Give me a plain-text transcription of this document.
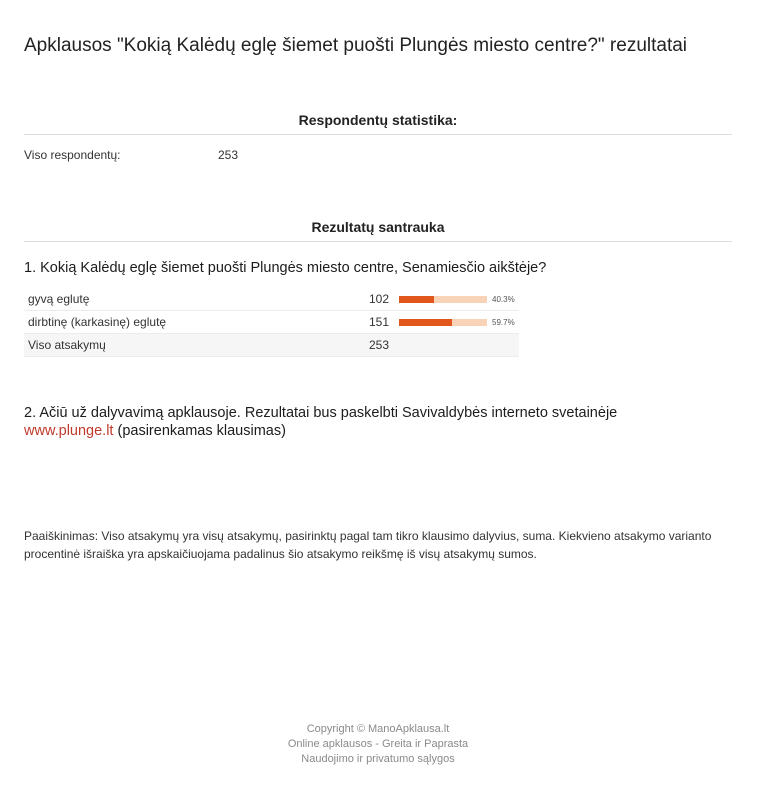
Apklausos "Kokią Kalėdų eglę šiemet puošti Plungės miesto centre?" rezultatai
Respondentų statistika:
Viso respondentų:	253
Rezultatų santrauka
1. Kokią Kalėdų eglę šiemet puošti Plungės miesto centre, Senamiesčio aikštėje?
gyvą eglutę	102	40.3%
dirbtinę (karkasinę) eglutę	151	59.7%
Viso atsakymų	253	
2. Ačiū už dalyvavimą apklausoje. Rezultatai bus paskelbti Savivaldybės interneto svetainėje
www.plunge.lt (pasirenkamas klausimas)
Paaiškinimas: Viso atsakymų yra visų atsakymų, pasirinktų pagal tam tikro klausimo dalyvius, suma. Kiekvieno atsakymo varianto procentinė išraiška yra apskaičiuojama padalinus šio atsakymo reikšmę iš visų atsakymų sumos.
Copyright © ManoApklausa.lt
Online apklausos - Greita ir Paprasta
Naudojimo ir privatumo sąlygos
